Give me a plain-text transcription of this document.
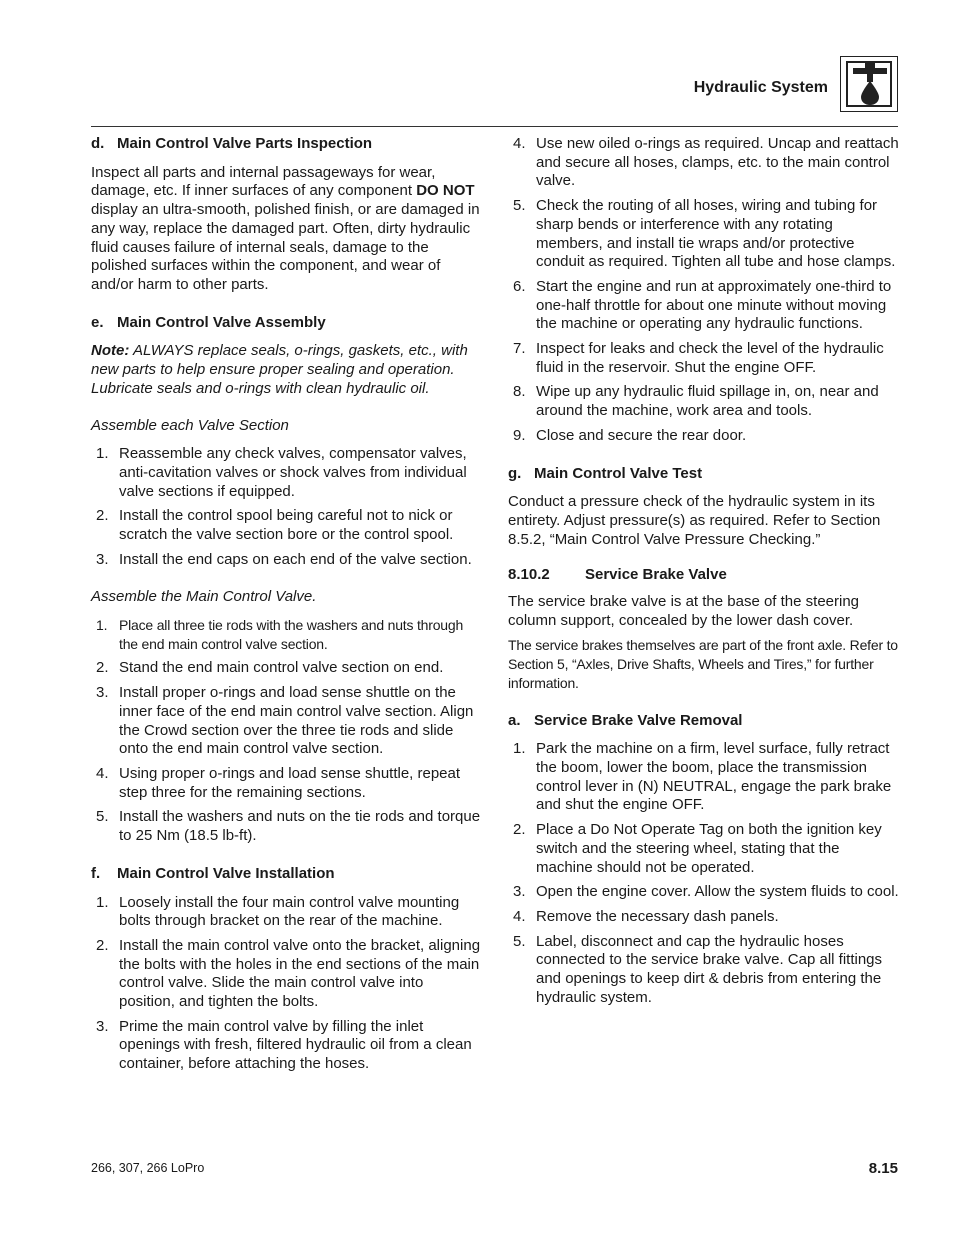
Hydraulic System

d. Main Control Valve Parts Inspection

Inspect all parts and internal passageways for wear, damage, etc. If inner surfaces of any component DO NOT display an ultra-smooth, polished finish, or are damaged in any way, replace the damaged part. Often, dirty hydraulic fluid causes failure of internal seals, damage to the polished surfaces within the component, and wear of and/or harm to other parts.

e. Main Control Valve Assembly

Note: ALWAYS replace seals, o-rings, gaskets, etc., with new parts to help ensure proper sealing and operation. Lubricate seals and o-rings with clean hydraulic oil.

Assemble each Valve Section

1. Reassemble any check valves, compensator valves, anti-cavitation valves or shock valves from individual valve sections if equipped.
2. Install the control spool being careful not to nick or scratch the valve section bore or the control spool.
3. Install the end caps on each end of the valve section.

Assemble the Main Control Valve.

1. Place all three tie rods with the washers and nuts through the end main control valve section.
2. Stand the end main control valve section on end.
3. Install proper o-rings and load sense shuttle on the inner face of the end main control valve section. Align the Crowd section over the three tie rods and slide onto the end main control valve section.
4. Using proper o-rings and load sense shuttle, repeat step three for the remaining sections.
5. Install the washers and nuts on the tie rods and torque to 25 Nm (18.5 lb-ft).

f. Main Control Valve Installation

1. Loosely install the four main control valve mounting bolts through bracket on the rear of the machine.
2. Install the main control valve onto the bracket, aligning the bolts with the holes in the end sections of the main control valve. Slide the main control valve into position, and tighten the bolts.
3. Prime the main control valve by filling the inlet openings with fresh, filtered hydraulic oil from a clean container, before attaching the hoses.
4. Use new oiled o-rings as required. Uncap and reattach and secure all hoses, clamps, etc. to the main control valve.
5. Check the routing of all hoses, wiring and tubing for sharp bends or interference with any rotating members, and install tie wraps and/or protective conduit as required. Tighten all tube and hose clamps.
6. Start the engine and run at approximately one-third to one-half throttle for about one minute without moving the machine or operating any hydraulic functions.
7. Inspect for leaks and check the level of the hydraulic fluid in the reservoir. Shut the engine OFF.
8. Wipe up any hydraulic fluid spillage in, on, near and around the machine, work area and tools.
9. Close and secure the rear door.

g. Main Control Valve Test

Conduct a pressure check of the hydraulic system in its entirety. Adjust pressure(s) as required. Refer to Section 8.5.2, “Main Control Valve Pressure Checking.”

8.10.2 Service Brake Valve

The service brake valve is at the base of the steering column support, concealed by the lower dash cover.

The service brakes themselves are part of the front axle. Refer to Section 5, “Axles, Drive Shafts, Wheels and Tires,” for further information.

a. Service Brake Valve Removal

1. Park the machine on a firm, level surface, fully retract the boom, lower the boom, place the transmission control lever in (N) NEUTRAL, engage the park brake and shut the engine OFF.
2. Place a Do Not Operate Tag on both the ignition key switch and the steering wheel, stating that the machine should not be operated.
3. Open the engine cover. Allow the system fluids to cool.
4. Remove the necessary dash panels.
5. Label, disconnect and cap the hydraulic hoses connected to the service brake valve. Cap all fittings and openings to keep dirt & debris from entering the hydraulic system.
266, 307, 266 LoPro	8.15
